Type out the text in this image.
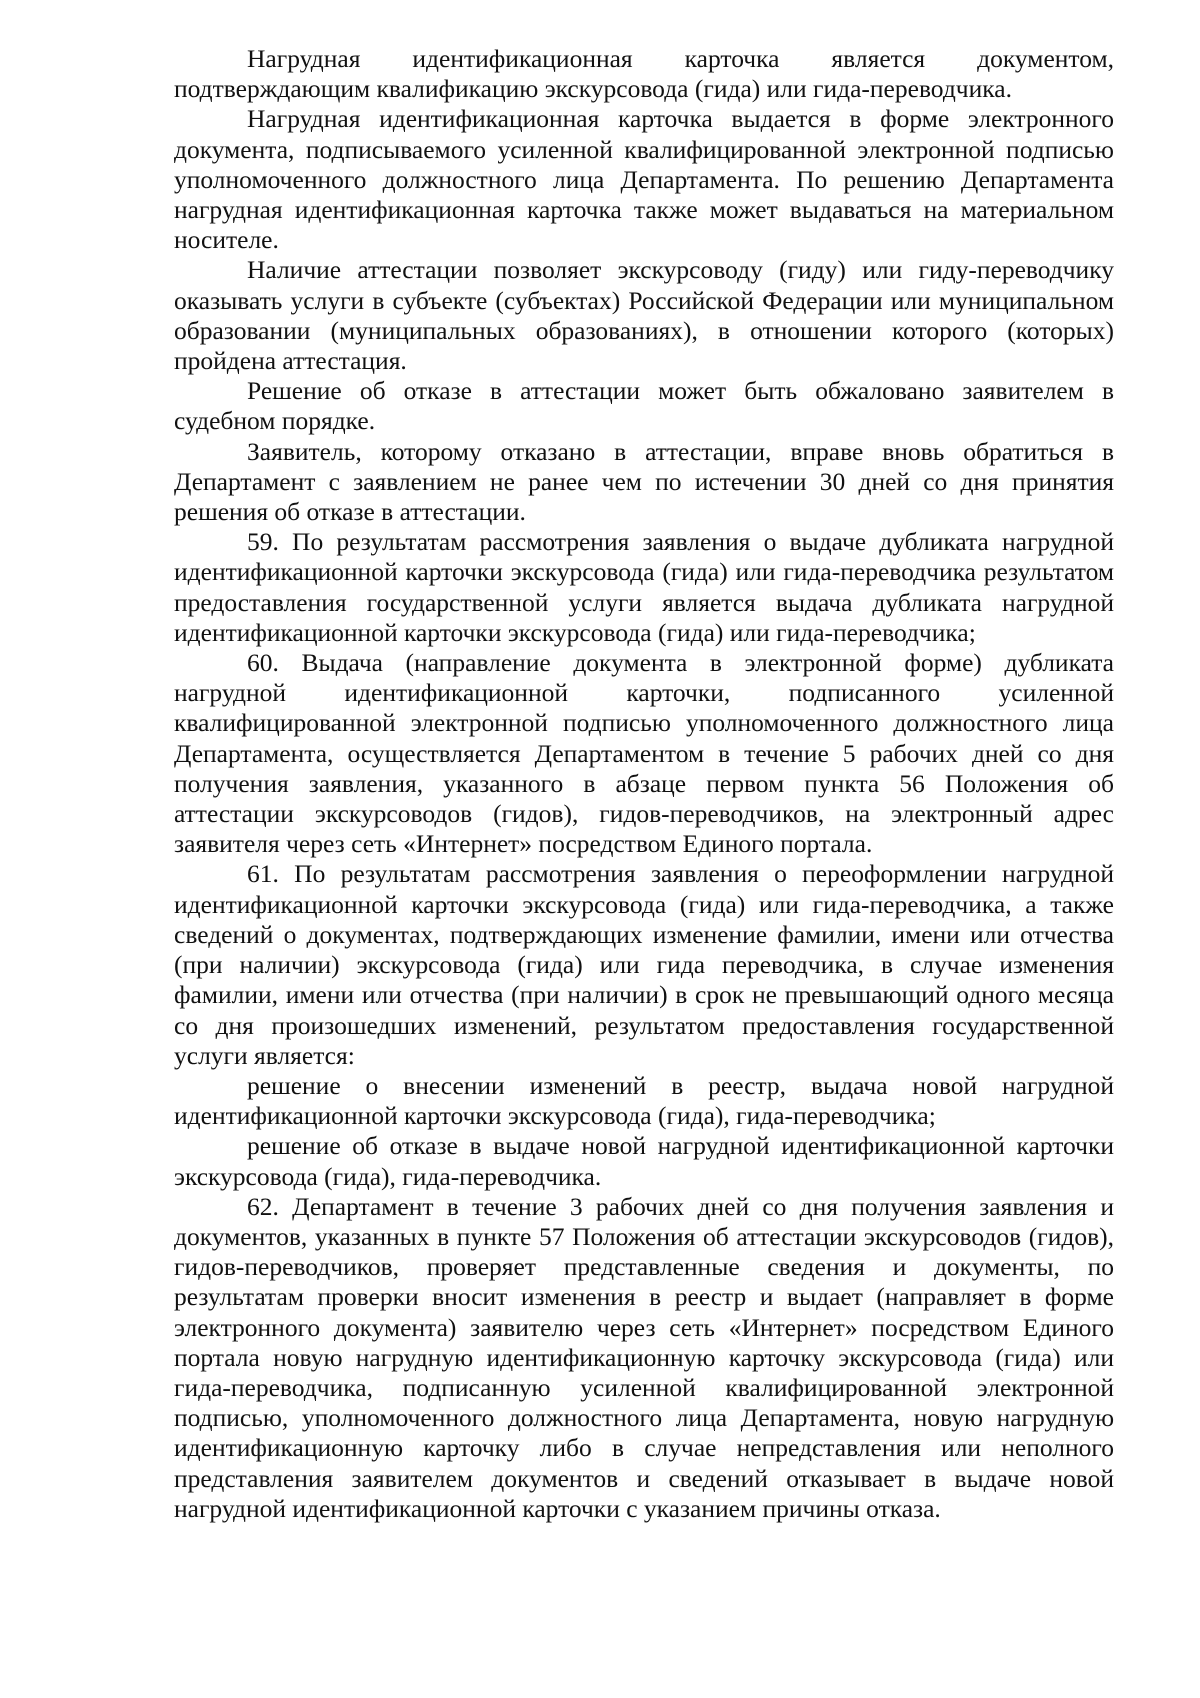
Нагрудная идентификационная карточка является документом, подтверждающим квалификацию экскурсовода (гида) или гида-переводчика.

Нагрудная идентификационная карточка выдается в форме электронного документа, подписываемого усиленной квалифицированной электронной подписью уполномоченного должностного лица Департамента. По решению Департамента нагрудная идентификационная карточка также может выдаваться на материальном носителе.

Наличие аттестации позволяет экскурсоводу (гиду) или гиду-переводчику оказывать услуги в субъекте (субъектах) Российской Федерации или муниципальном образовании (муниципальных образованиях), в отношении которого (которых) пройдена аттестация.

Решение об отказе в аттестации может быть обжаловано заявителем в судебном порядке.

Заявитель, которому отказано в аттестации, вправе вновь обратиться в Департамент с заявлением не ранее чем по истечении 30 дней со дня принятия решения об отказе в аттестации.

59. По результатам рассмотрения заявления о выдаче дубликата нагрудной идентификационной карточки экскурсовода (гида) или гида-переводчика результатом предоставления государственной услуги является выдача дубликата нагрудной идентификационной карточки экскурсовода (гида) или гида-переводчика;

60. Выдача (направление документа в электронной форме) дубликата нагрудной идентификационной карточки, подписанного усиленной квалифицированной электронной подписью уполномоченного должностного лица Департамента, осуществляется Департаментом в течение 5 рабочих дней со дня получения заявления, указанного в абзаце первом пункта 56 Положения об аттестации экскурсоводов (гидов), гидов-переводчиков, на электронный адрес заявителя через сеть «Интернет» посредством Единого портала.

61. По результатам рассмотрения заявления о переоформлении нагрудной идентификационной карточки экскурсовода (гида) или гида-переводчика, а также сведений о документах, подтверждающих изменение фамилии, имени или отчества (при наличии) экскурсовода (гида) или гида переводчика, в случае изменения фамилии, имени или отчества (при наличии) в срок не превышающий одного месяца со дня произошедших изменений, результатом предоставления государственной услуги является:

решение о внесении изменений в реестр, выдача новой нагрудной идентификационной карточки экскурсовода (гида), гида-переводчика;

решение об отказе в выдаче новой нагрудной идентификационной карточки экскурсовода (гида), гида-переводчика.

62. Департамент в течение 3 рабочих дней со дня получения заявления и документов, указанных в пункте 57 Положения об аттестации экскурсоводов (гидов), гидов-переводчиков, проверяет представленные сведения и документы, по результатам проверки вносит изменения в реестр и выдает (направляет в форме электронного документа) заявителю через сеть «Интернет» посредством Единого портала новую нагрудную идентификационную карточку экскурсовода (гида) или гида-переводчика, подписанную усиленной квалифицированной электронной подписью, уполномоченного должностного лица Департамента, новую нагрудную идентификационную карточку либо в случае непредставления или неполного представления заявителем документов и сведений отказывает в выдаче новой нагрудной идентификационной карточки с указанием причины отказа.
